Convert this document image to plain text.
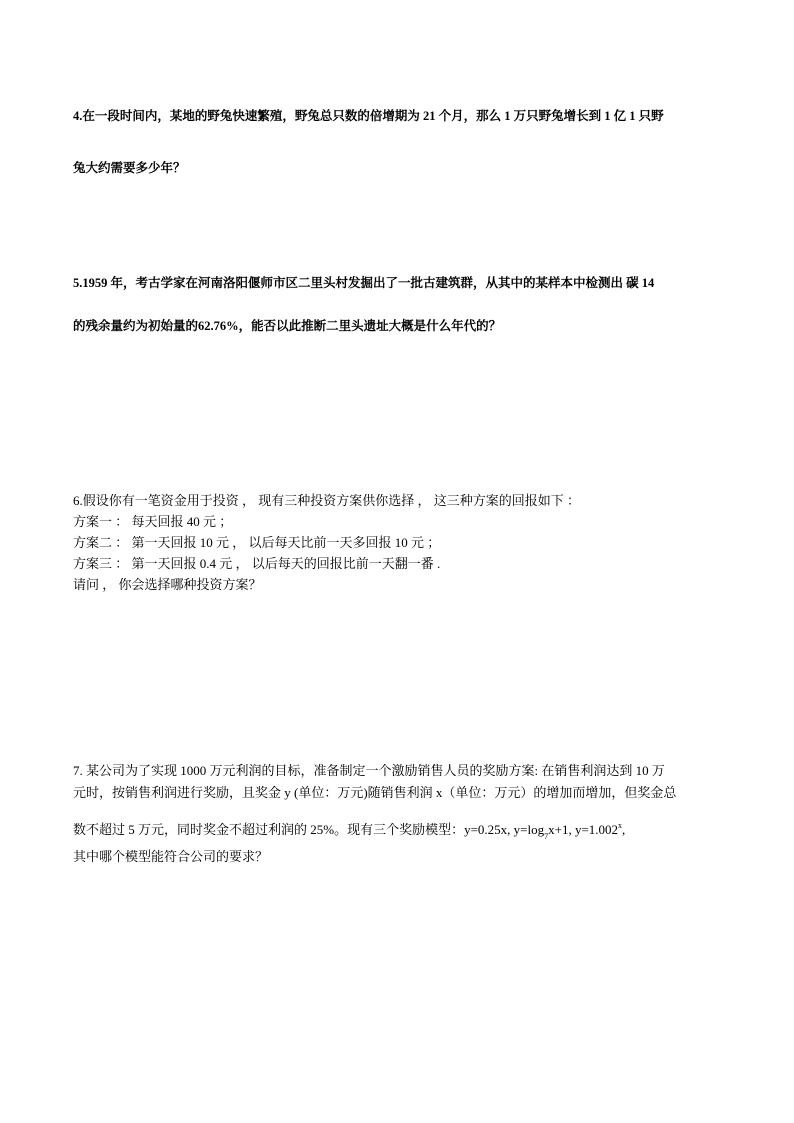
4.在一段时间内，某地的野兔快速繁殖，野兔总只数的倍增期为 21 个月，那么 1 万只野兔增长到 1 亿 1 只野
兔大约需要多少年？
5.1959 年，考古学家在河南洛阳偃师市区二里头村发掘出了一批古建筑群，从其中的某样本中检测出 碳 14
的残余量约为初始量的62.76%，能否以此推断二里头遗址大概是什么年代的？
6.假设你有一笔资金用于投资 ， 现有三种投资方案供你选择 ， 这三种方案的回报如下 ：
方案一 ： 每天回报 40 元 ；
方案二 ： 第一天回报 10 元 ， 以后每天比前一天多回报 10 元 ；
方案三 ： 第一天回报 0.4 元 ， 以后每天的回报比前一天翻一番 .
请问 ， 你会选择哪种投资方案？
7. 某公司为了实现 1000 万元利润的目标，准备制定一个激励销售人员的奖励方案: 在销售利润达到 10 万
元时，按销售利润进行奖励，且奖金 y (单位：万元)随销售利润 x（单位：万元）的增加而增加，但奖金总
数不超过 5 万元，同时奖金不超过利润的 25%。现有三个奖励模型：y=0.25x, $y=\log_7x+1$, $y=1.002^x$,
其中哪个模型能符合公司的要求？
